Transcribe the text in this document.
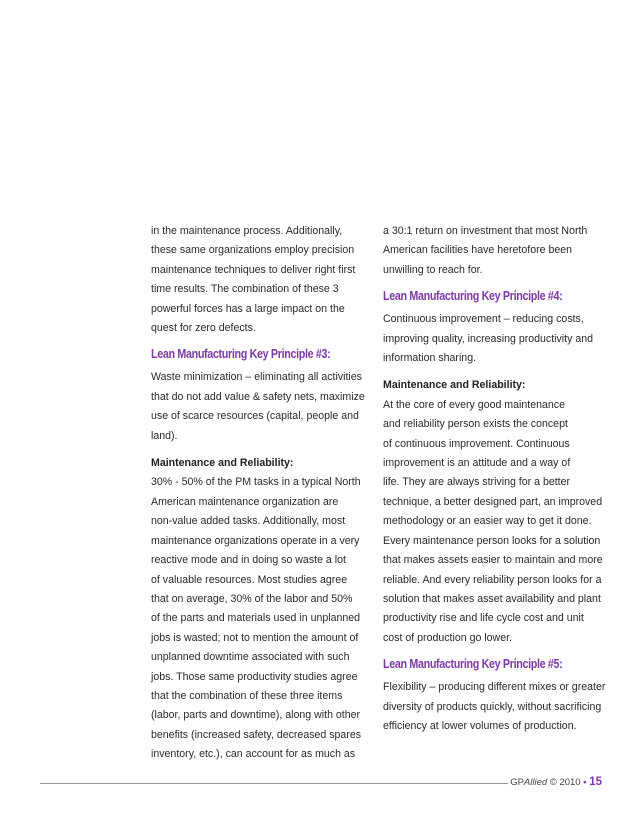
in the maintenance process. Additionally,
these same organizations employ precision
maintenance techniques to deliver right first
time results. The combination of these 3
powerful forces has a large impact on the
quest for zero defects.

Lean Manufacturing Key Principle #3:

Waste minimization – eliminating all activities
that do not add value & safety nets, maximize
use of scarce resources (capital, people and
land).

Maintenance and Reliability:

30% - 50% of the PM tasks in a typical North
American maintenance organization are
non-value added tasks. Additionally, most
maintenance organizations operate in a very
reactive mode and in doing so waste a lot
of valuable resources. Most studies agree
that on average, 30% of the labor and 50%
of the parts and materials used in unplanned
jobs is wasted; not to mention the amount of
unplanned downtime associated with such
jobs. Those same productivity studies agree
that the combination of these three items
(labor, parts and downtime), along with other
benefits (increased safety, decreased spares
inventory, etc.), can account for as much as

a 30:1 return on investment that most North
American facilities have heretofore been
unwilling to reach for.

Lean Manufacturing Key Principle #4:

Continuous improvement – reducing costs,
improving quality, increasing productivity and
information sharing.

Maintenance and Reliability:

At the core of every good maintenance
and reliability person exists the concept
of continuous improvement. Continuous
improvement is an attitude and a way of
life. They are always striving for a better
technique, a better designed part, an improved
methodology or an easier way to get it done.
Every maintenance person looks for a solution
that makes assets easier to maintain and more
reliable. And every reliability person looks for a
solution that makes asset availability and plant
productivity rise and life cycle cost and unit
cost of production go lower.

Lean Manufacturing Key Principle #5:

Flexibility – producing different mixes or greater
diversity of products quickly, without sacrificing
efficiency at lower volumes of production.

GPAllied © 2010 • 15
